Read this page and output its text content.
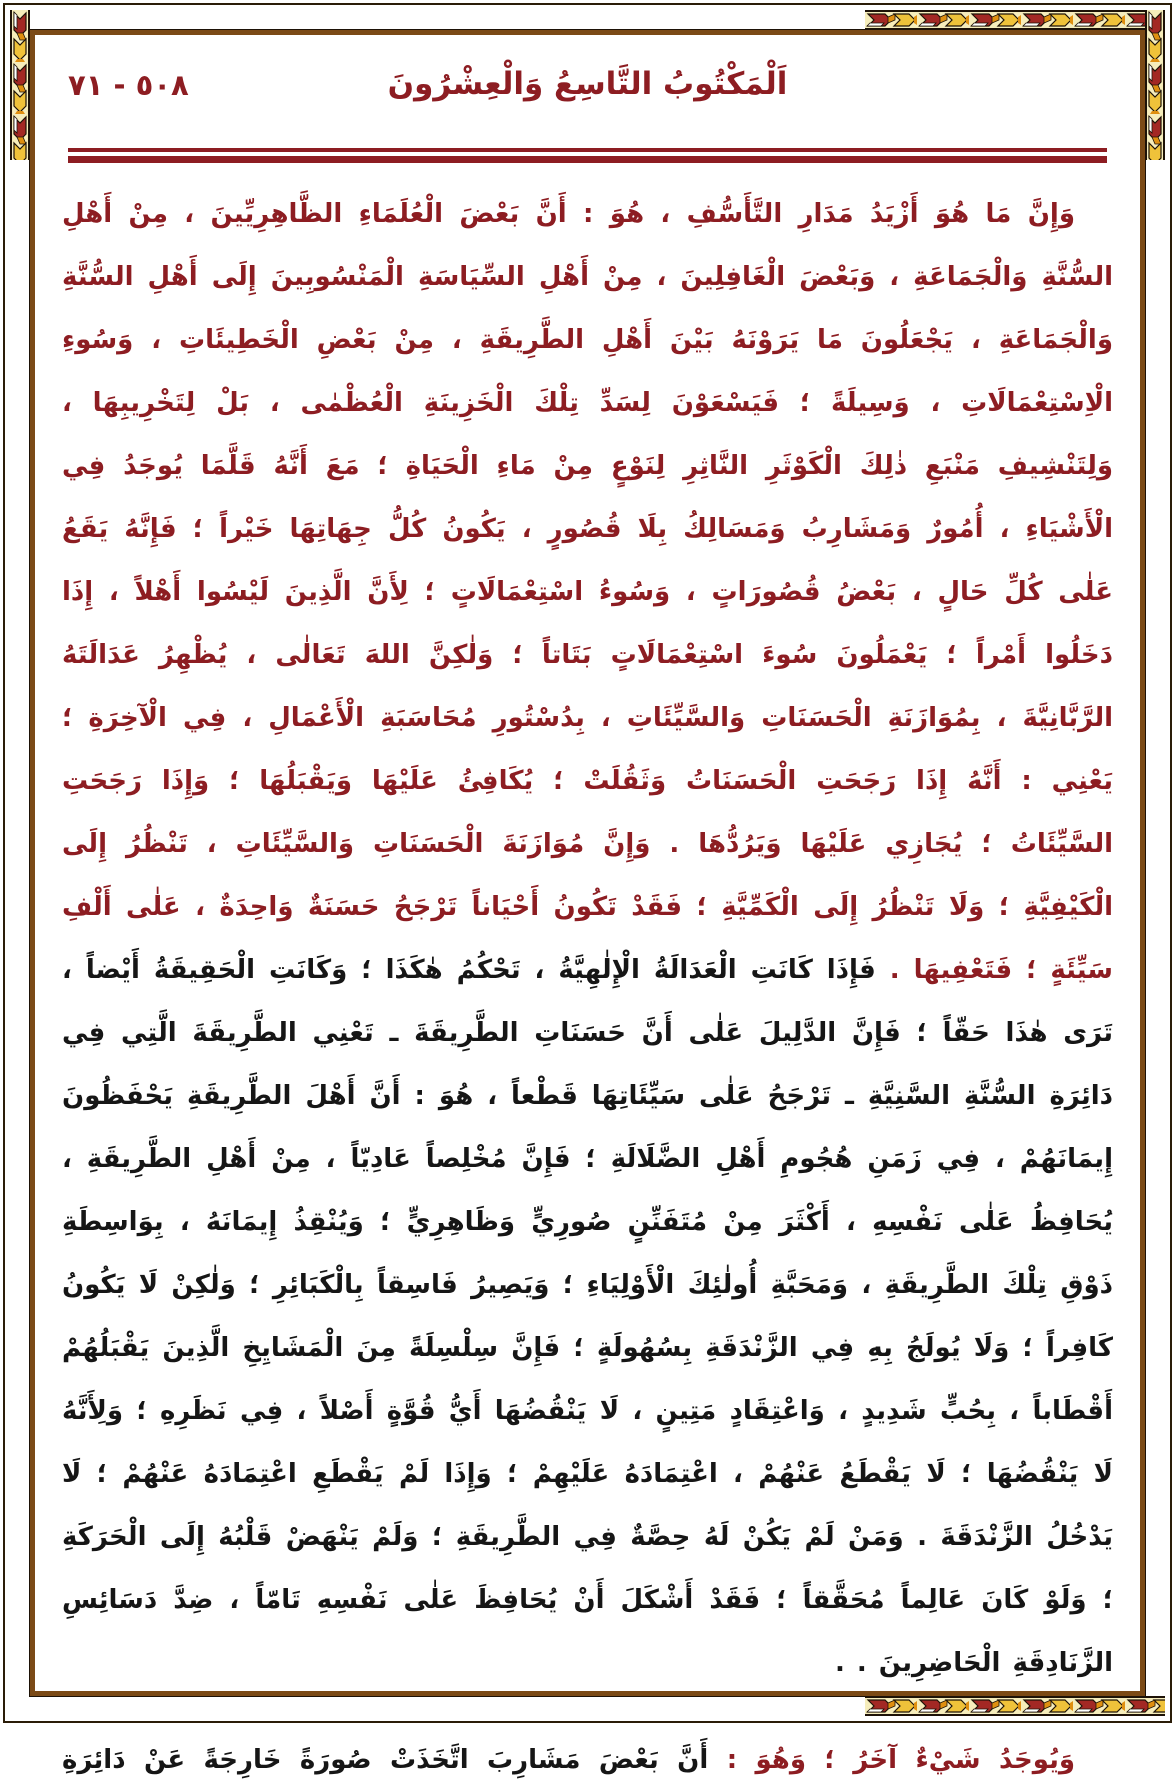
٥٠٨ - ٧١	اَلْمَكْتُوبُ التَّاسِعُ وَالْعِشْرُونَ

وَإِنَّ مَا هُوَ أَزْيَدُ مَدَارِ التَّأَسُّفِ ، هُوَ : أَنَّ بَعْضَ الْعُلَمَاءِ الظَّاهِرِيِّينَ ، مِنْ أَهْلِ السُّنَّةِ وَالْجَمَاعَةِ ، وَبَعْضَ الْغَافِلِينَ ، مِنْ أَهْلِ السِّيَاسَةِ الْمَنْسُوبِينَ إِلَى أَهْلِ السُّنَّةِ وَالْجَمَاعَةِ ، يَجْعَلُونَ مَا يَرَوْنَهُ بَيْنَ أَهْلِ الطَّرِيقَةِ ، مِنْ بَعْضِ الْخَطِيئَاتِ ، وَسُوءِ الْاِسْتِعْمَالَاتِ ، وَسِيلَةً ؛ فَيَسْعَوْنَ لِسَدِّ تِلْكَ الْخَزِينَةِ الْعُظْمٰى ، بَلْ لِتَخْرِيبِهَا ، وَلِتَنْشِيفِ مَنْبَعِ ذٰلِكَ الْكَوْثَرِ النَّاثِرِ لِنَوْعٍ مِنْ مَاءِ الْحَيَاةِ ؛ مَعَ أَنَّهُ قَلَّمَا يُوجَدُ فِي الْأَشْيَاءِ ، أُمُورٌ وَمَشَارِبُ وَمَسَالِكُ بِلَا قُصُورٍ ، يَكُونُ كُلُّ جِهَاتِهَا خَيْراً ؛ فَإِنَّهُ يَقَعُ عَلٰى كُلِّ حَالٍ ، بَعْضُ قُصُورَاتٍ ، وَسُوءُ اسْتِعْمَالَاتٍ ؛ لِأَنَّ الَّذِينَ لَيْسُوا أَهْلاً ، إِذَا دَخَلُوا أَمْراً ؛ يَعْمَلُونَ سُوءَ اسْتِعْمَالَاتٍ بَتَاتاً ؛ وَلٰكِنَّ اللهَ تَعَالٰى ، يُظْهِرُ عَدَالَتَهُ الرَّبَّانِيَّةَ ، بِمُوَازَنَةِ الْحَسَنَاتِ وَالسَّيِّئَاتِ ، بِدُسْتُورِ مُحَاسَبَةِ الْأَعْمَالِ ، فِي الْآخِرَةِ ؛ يَعْنِي : أَنَّهُ إِذَا رَجَحَتِ الْحَسَنَاتُ وَثَقُلَتْ ؛ يُكَافِئُ عَلَيْهَا وَيَقْبَلُهَا ؛ وَإِذَا رَجَحَتِ السَّيِّئَاتُ ؛ يُجَازِي عَلَيْهَا وَيَرُدُّهَا . وَإِنَّ مُوَازَنَةَ الْحَسَنَاتِ وَالسَّيِّئَاتِ ، تَنْظُرُ إِلَى الْكَيْفِيَّةِ ؛ وَلَا تَنْظُرُ إِلَى الْكَمِّيَّةِ ؛ فَقَدْ تَكُونُ أَحْيَاناً تَرْجَحُ حَسَنَةٌ وَاحِدَةٌ ، عَلٰى أَلْفِ سَيِّئَةٍ ؛ فَتَعْفِيهَا . فَإِذَا كَانَتِ الْعَدَالَةُ الْإِلٰهِيَّةُ ، تَحْكُمُ هٰكَذَا ؛ وَكَانَتِ الْحَقِيقَةُ أَيْضاً ، تَرَى هٰذَا حَقّاً ؛ فَإِنَّ الدَّلِيلَ عَلٰى أَنَّ حَسَنَاتِ الطَّرِيقَةَ ـ تَعْنِي الطَّرِيقَةَ الَّتِي فِي دَائِرَةِ السُّنَّةِ السَّنِيَّةِ ـ تَرْجَحُ عَلٰى سَيِّئَاتِهَا قَطْعاً ، هُوَ : أَنَّ أَهْلَ الطَّرِيقَةِ يَحْفَظُونَ إِيمَانَهُمْ ، فِي زَمَنِ هُجُومِ أَهْلِ الضَّلَالَةِ ؛ فَإِنَّ مُخْلِصاً عَادِيّاً ، مِنْ أَهْلِ الطَّرِيقَةِ ، يُحَافِظُ عَلٰى نَفْسِهِ ، أَكْثَرَ مِنْ مُتَفَنِّنٍ صُورِيٍّ وَظَاهِرِيٍّ ؛ وَيُنْقِذُ إِيمَانَهُ ، بِوَاسِطَةِ ذَوْقِ تِلْكَ الطَّرِيقَةِ ، وَمَحَبَّةِ أُولٰئِكَ الْأَوْلِيَاءِ ؛ وَيَصِيرُ فَاسِقاً بِالْكَبَائِرِ ؛ وَلٰكِنْ لَا يَكُونُ كَافِراً ؛ وَلَا يُولَجُ بِهِ فِي الزَّنْدَقَةِ بِسُهُولَةٍ ؛ فَإِنَّ سِلْسِلَةً مِنَ الْمَشَايِخِ الَّذِينَ يَقْبَلُهُمْ أَقْطَاباً ، بِحُبٍّ شَدِيدٍ ، وَاعْتِقَادٍ مَتِينٍ ، لَا يَنْقُضُهَا أَيُّ قُوَّةٍ أَصْلاً ، فِي نَظَرِهِ ؛ وَلِأَنَّهُ لَا يَنْقُضُهَا ؛ لَا يَقْطَعُ عَنْهُمْ ، اعْتِمَادَهُ عَلَيْهِمْ ؛ وَإِذَا لَمْ يَقْطَعِ اعْتِمَادَهُ عَنْهُمْ ؛ لَا يَدْخُلُ الزَّنْدَقَةَ . وَمَنْ لَمْ يَكُنْ لَهُ حِصَّةٌ فِي الطَّرِيقَةِ ؛ وَلَمْ يَنْهَضْ قَلْبُهُ إِلَى الْحَرَكَةِ ؛ وَلَوْ كَانَ عَالِماً مُحَقَّقاً ؛ فَقَدْ أَشْكَلَ أَنْ يُحَافِظَ عَلٰى نَفْسِهِ تَامّاً ، ضِدَّ دَسَائِسِ الزَّنَادِقَةِ الْحَاضِرِينَ . .

وَيُوجَدُ شَيْءٌ آخَرُ ؛ وَهُوَ : أَنَّ بَعْضَ مَشَارِبَ اتَّخَذَتْ صُورَةً خَارِجَةً عَنْ دَائِرَةِ
